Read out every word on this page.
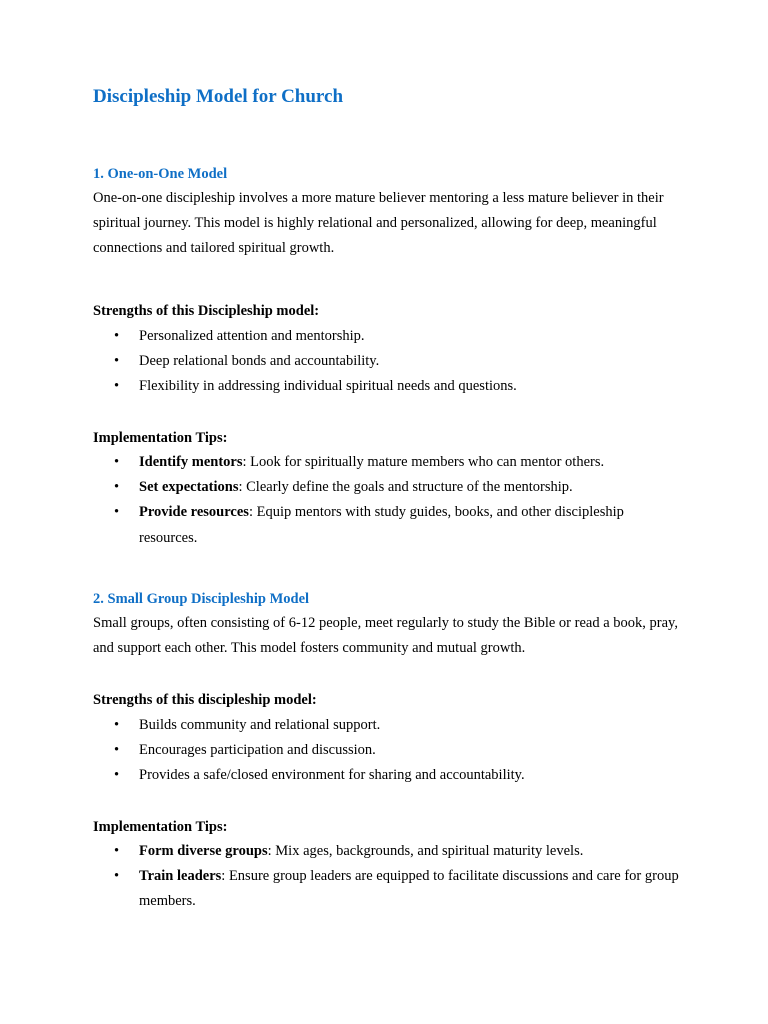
Discipleship Model for Church
1. One-on-One Model

One-on-one discipleship involves a more mature believer mentoring a less mature believer in their spiritual journey. This model is highly relational and personalized, allowing for deep, meaningful connections and tailored spiritual growth.

Strengths of this Discipleship model:
• Personalized attention and mentorship.
• Deep relational bonds and accountability.
• Flexibility in addressing individual spiritual needs and questions.
Implementation Tips:
• Identify mentors: Look for spiritually mature members who can mentor others.
• Set expectations: Clearly define the goals and structure of the mentorship.
• Provide resources: Equip mentors with study guides, books, and other discipleship resources.
2. Small Group Discipleship Model

Small groups, often consisting of 6-12 people, meet regularly to study the Bible or read a book, pray, and support each other. This model fosters community and mutual growth.

Strengths of this discipleship model:
• Builds community and relational support.
• Encourages participation and discussion.
• Provides a safe/closed environment for sharing and accountability.
Implementation Tips:
• Form diverse groups: Mix ages, backgrounds, and spiritual maturity levels.
• Train leaders: Ensure group leaders are equipped to facilitate discussions and care for group members.
